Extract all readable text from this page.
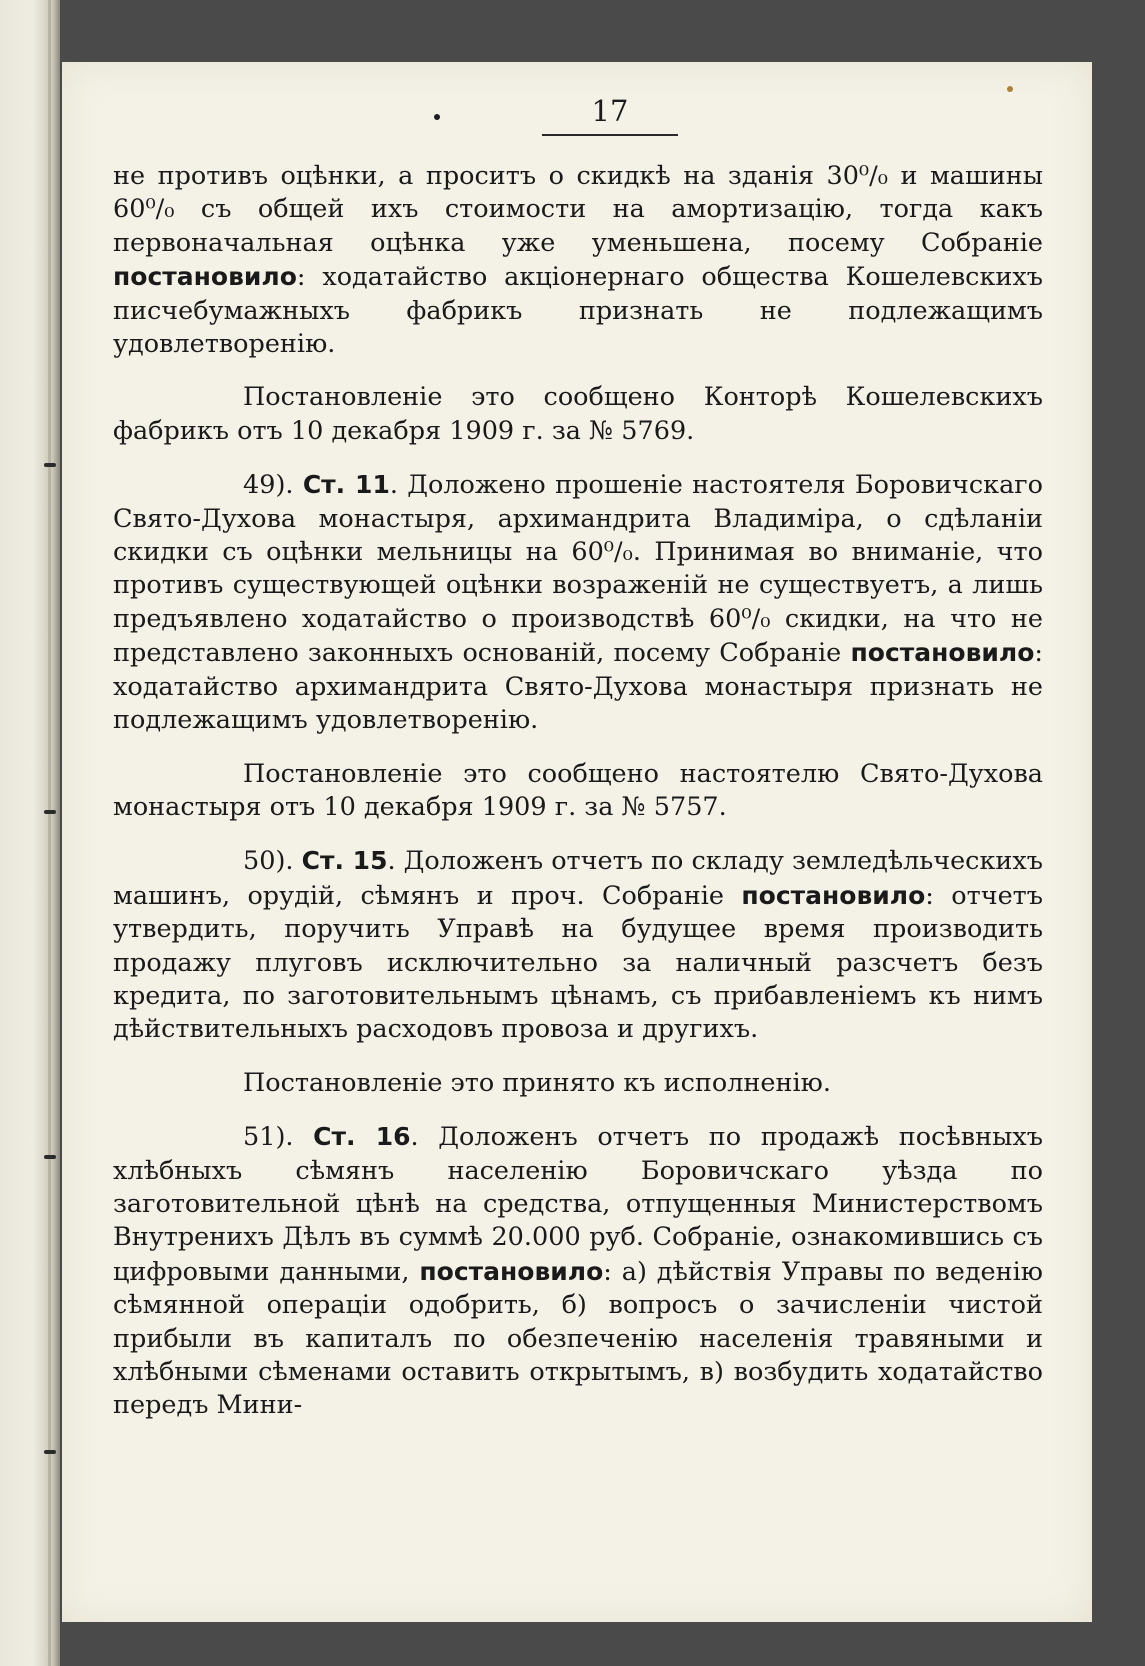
17

не противъ оцѣнки, а проситъ о скидкѣ на зданія 30⁰/₀ и машины 60⁰/₀ съ общей ихъ стоимости на амортизацію, тогда какъ первоначальная оцѣнка уже уменьшена, посему Собраніе постановило: ходатайство акціонернаго общества Кошелевскихъ писчебумажныхъ фабрикъ признать не подлежащимъ удовлетворенію.

Постановленіе это сообщено Конторѣ Кошелевскихъ фабрикъ отъ 10 декабря 1909 г. за № 5769.

49). Ст. 11. Доложено прошеніе настоятеля Боровичскаго Свято-Духова монастыря, архимандрита Владиміра, о сдѣланіи скидки съ оцѣнки мельницы на 60⁰/₀. Принимая во вниманіе, что противъ существующей оцѣнки возраженій не существуетъ, а лишь предъявлено ходатайство о производствѣ 60⁰/₀ скидки, на что не представлено законныхъ основаній, посему Собраніе постановило: ходатайство архимандрита Свято-Духова монастыря признать не подлежащимъ удовлетворенію.

Постановленіе это сообщено настоятелю Свято-Духова монастыря отъ 10 декабря 1909 г. за № 5757.

50). Ст. 15. Доложенъ отчетъ по складу земледѣльческихъ машинъ, орудій, сѣмянъ и проч. Собраніе постановило: отчетъ утвердить, поручить Управѣ на будущее время производить продажу плуговъ исключительно за наличный разсчетъ безъ кредита, по заготовительнымъ цѣнамъ, съ прибавленіемъ къ нимъ дѣйствительныхъ расходовъ провоза и другихъ.

Постановленіе это принято къ исполненію.

51). Ст. 16. Доложенъ отчетъ по продажѣ посѣвныхъ хлѣбныхъ сѣмянъ населенію Боровичскаго уѣзда по заготовительной цѣнѣ на средства, отпущенныя Министерствомъ Внутренихъ Дѣлъ въ суммѣ 20.000 руб. Собраніе, ознакомившись съ цифровыми данными, постановило: а) дѣйствія Управы по веденію сѣмянной операціи одобрить, б) вопросъ о зачисленіи чистой прибыли въ капиталъ по обезпеченію населенія травяными и хлѣбными сѣменами оставить открытымъ, в) возбудить ходатайство передъ Мини-
